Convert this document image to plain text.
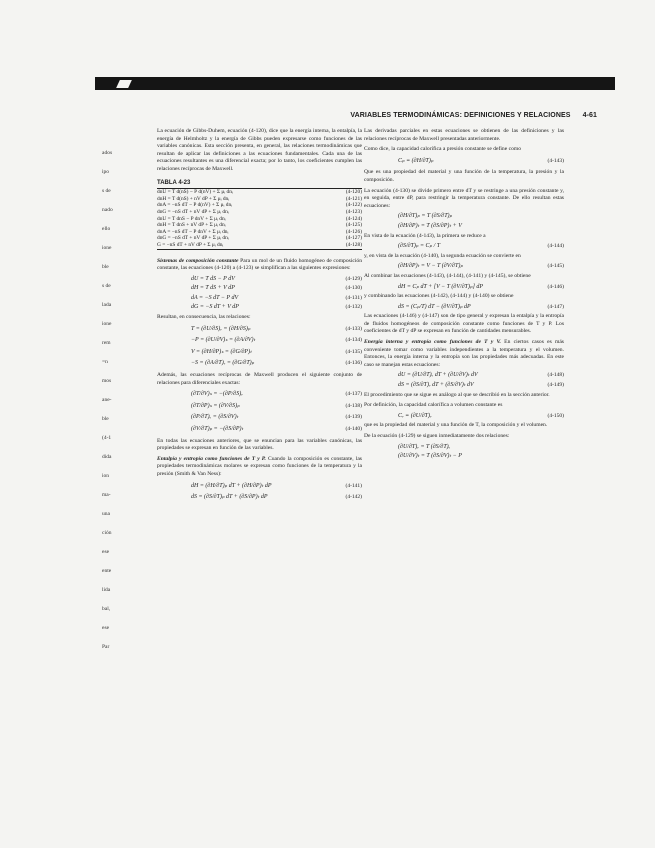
VARIABLES TERMODINÁMICAS: DEFINICIONES Y RELACIONES 4-61
ados
ipo
s de
nado
ello
ione
ble
s de
lada
ione
rem
=n
mos
ane-
ble
(4-1
dida
ion
ma-
una
ción
ese
ente
lida
bal,
ese
Par

La ecuación de Gibbs-Duhem, ecuación (4-120), dice que la energía interna, la entalpía, la energía de Helmholtz y la energía de Gibbs pueden expresarse como funciones de las variables canónicas. Esta sección presenta, en general, las relaciones termodinámicas que resultan de aplicar las definiciones a las ecuaciones fundamentales. Cada una de las ecuaciones resultantes es una diferencial exacta; por lo tanto, los coeficientes cumplen las relaciones recíprocas de Maxwell.

TABLA 4-23
dnU = T d(nS) − P d(nV) + Σ μᵢ dnᵢ	(4-120)
dnH = T d(nS) + nV dP + Σ μᵢ dnᵢ	(4-121)
dnA = −nS dT − P d(nV) + Σ μᵢ dnᵢ	(4-122)
dnG = −nS dT + nV dP + Σ μᵢ dnᵢ	(4-123)
dnU = T dnS − P dnV + Σ μᵢ dnᵢ	(4-124)
dnH = T dnS + nV dP + Σ μᵢ dnᵢ	(4-125)
dnA = −nS dT − P dnV + Σ μᵢ dnᵢ	(4-126)
dnG = −nS dT + nV dP + Σ μᵢ dnᵢ	(4-127)
G = −nS dT + nV dP + Σ μᵢ dnᵢ	(4-128)

Sistemas de composición constante Para un mol de un fluido homogéneo de composición constante, las ecuaciones (4-120) a (4-123) se simplifican a las siguientes expresiones:

dU = T dS − P dV	(4-129)
dH = T dS + V dP	(4-130)
dA = −S dT − P dV	(4-131)
dG = −S dT + V dP	(4-132)

Resultan, en consecuencia, las relaciones:

T = (∂U/∂S)ᵥ = (∂H/∂S)ₚ	(4-133)
−P = (∂U/∂V)ₛ = (∂A/∂V)ₜ	(4-134)
V = (∂H/∂P)ₛ = (∂G/∂P)ₜ	(4-135)
−S = (∂A/∂T)ᵥ = (∂G/∂T)ₚ	(4-136)

Además, las ecuaciones recíprocas de Maxwell producen el siguiente conjunto de relaciones para diferenciales exactas:

(∂T/∂V)ₛ = −(∂P/∂S)ᵥ	(4-137)
(∂T/∂P)ₛ = (∂V/∂S)ₚ	(4-138)
(∂P/∂T)ᵥ = (∂S/∂V)ₜ	(4-139)
(∂V/∂T)ₚ = −(∂S/∂P)ₜ	(4-140)

En todas las ecuaciones anteriores, que se enuncian para las variables canónicas, las propiedades se expresan en función de las variables.

Entalpía y entropía como funciones de T y P. Cuando la composición es constante, las propiedades termodinámicas molares se expresan como funciones de la temperatura y la presión (Smith & Van Ness):

dH = (∂H/∂T)ₚ dT + (∂H/∂P)ₜ dP	(4-141)
dS = (∂S/∂T)ₚ dT + (∂S/∂P)ₜ dP	(4-142)

Las derivadas parciales en estas ecuaciones se obtienen de las definiciones y las relaciones recíprocas de Maxwell presentadas anteriormente.

Como dice, la capacidad calorífica a presión constante se define como

Cₚ ≡ (∂H/∂T)ₚ	(4-143)

Que es una propiedad del material y una función de la temperatura, la presión y la composición.

La ecuación (4-130) se divide primero entre dT y se restringe a una presión constante y, en seguida, entre dP, para restringir la temperatura constante. De ello resultan estas ecuaciones:

(∂H/∂T)ₚ = T (∂S/∂T)ₚ
(∂H/∂P)ₜ = T (∂S/∂P)ₜ + V

En vista de la ecuación (4-143), la primera se reduce a

(∂S/∂T)ₚ = Cₚ / T	(4-144)

y, en vista de la ecuación (4-140), la segunda ecuación se convierte en

(∂H/∂P)ₜ = V − T (∂V/∂T)ₚ	(4-145)

Al combinar las ecuaciones (4-143), (4-144), (4-141) y (4-145), se obtiene

dH = Cₚ dT + [V − T (∂V/∂T)ₚ] dP	(4-146)

y combinando las ecuaciones (4-142), (4-144) y (4-140) se obtiene

dS = (Cₚ/T) dT − (∂V/∂T)ₚ dP	(4-147)

Las ecuaciones (4-146) y (4-147) son de tipo general y expresan la entalpía y la entropía de fluidos homogéneos de composición constante como funciones de T y P. Los coeficientes de dT y dP se expresan en función de cantidades mensurables.

Energía interna y entropía como funciones de T y V. En ciertos casos es más conveniente tomar como variables independientes a la temperatura y el volumen. Entonces, la energía interna y la entropía son las propiedades más adecuadas. En este caso se manejan estas ecuaciones:

dU = (∂U/∂T)ᵥ dT + (∂U/∂V)ₜ dV	(4-148)
dS = (∂S/∂T)ᵥ dT + (∂S/∂V)ₜ dV	(4-149)

El procedimiento que se sigue es análogo al que se describió en la sección anterior.

Por definición, la capacidad calorífica a volumen constante es

Cᵥ ≡ (∂U/∂T)ᵥ	(4-150)

que es la propiedad del material y una función de T, la composición y el volumen.

De la ecuación (4-129) se siguen inmediatamente dos relaciones:

(∂U/∂T)ᵥ = T (∂S/∂T)ᵥ
(∂U/∂V)ₜ = T (∂S/∂V)ₜ − P
